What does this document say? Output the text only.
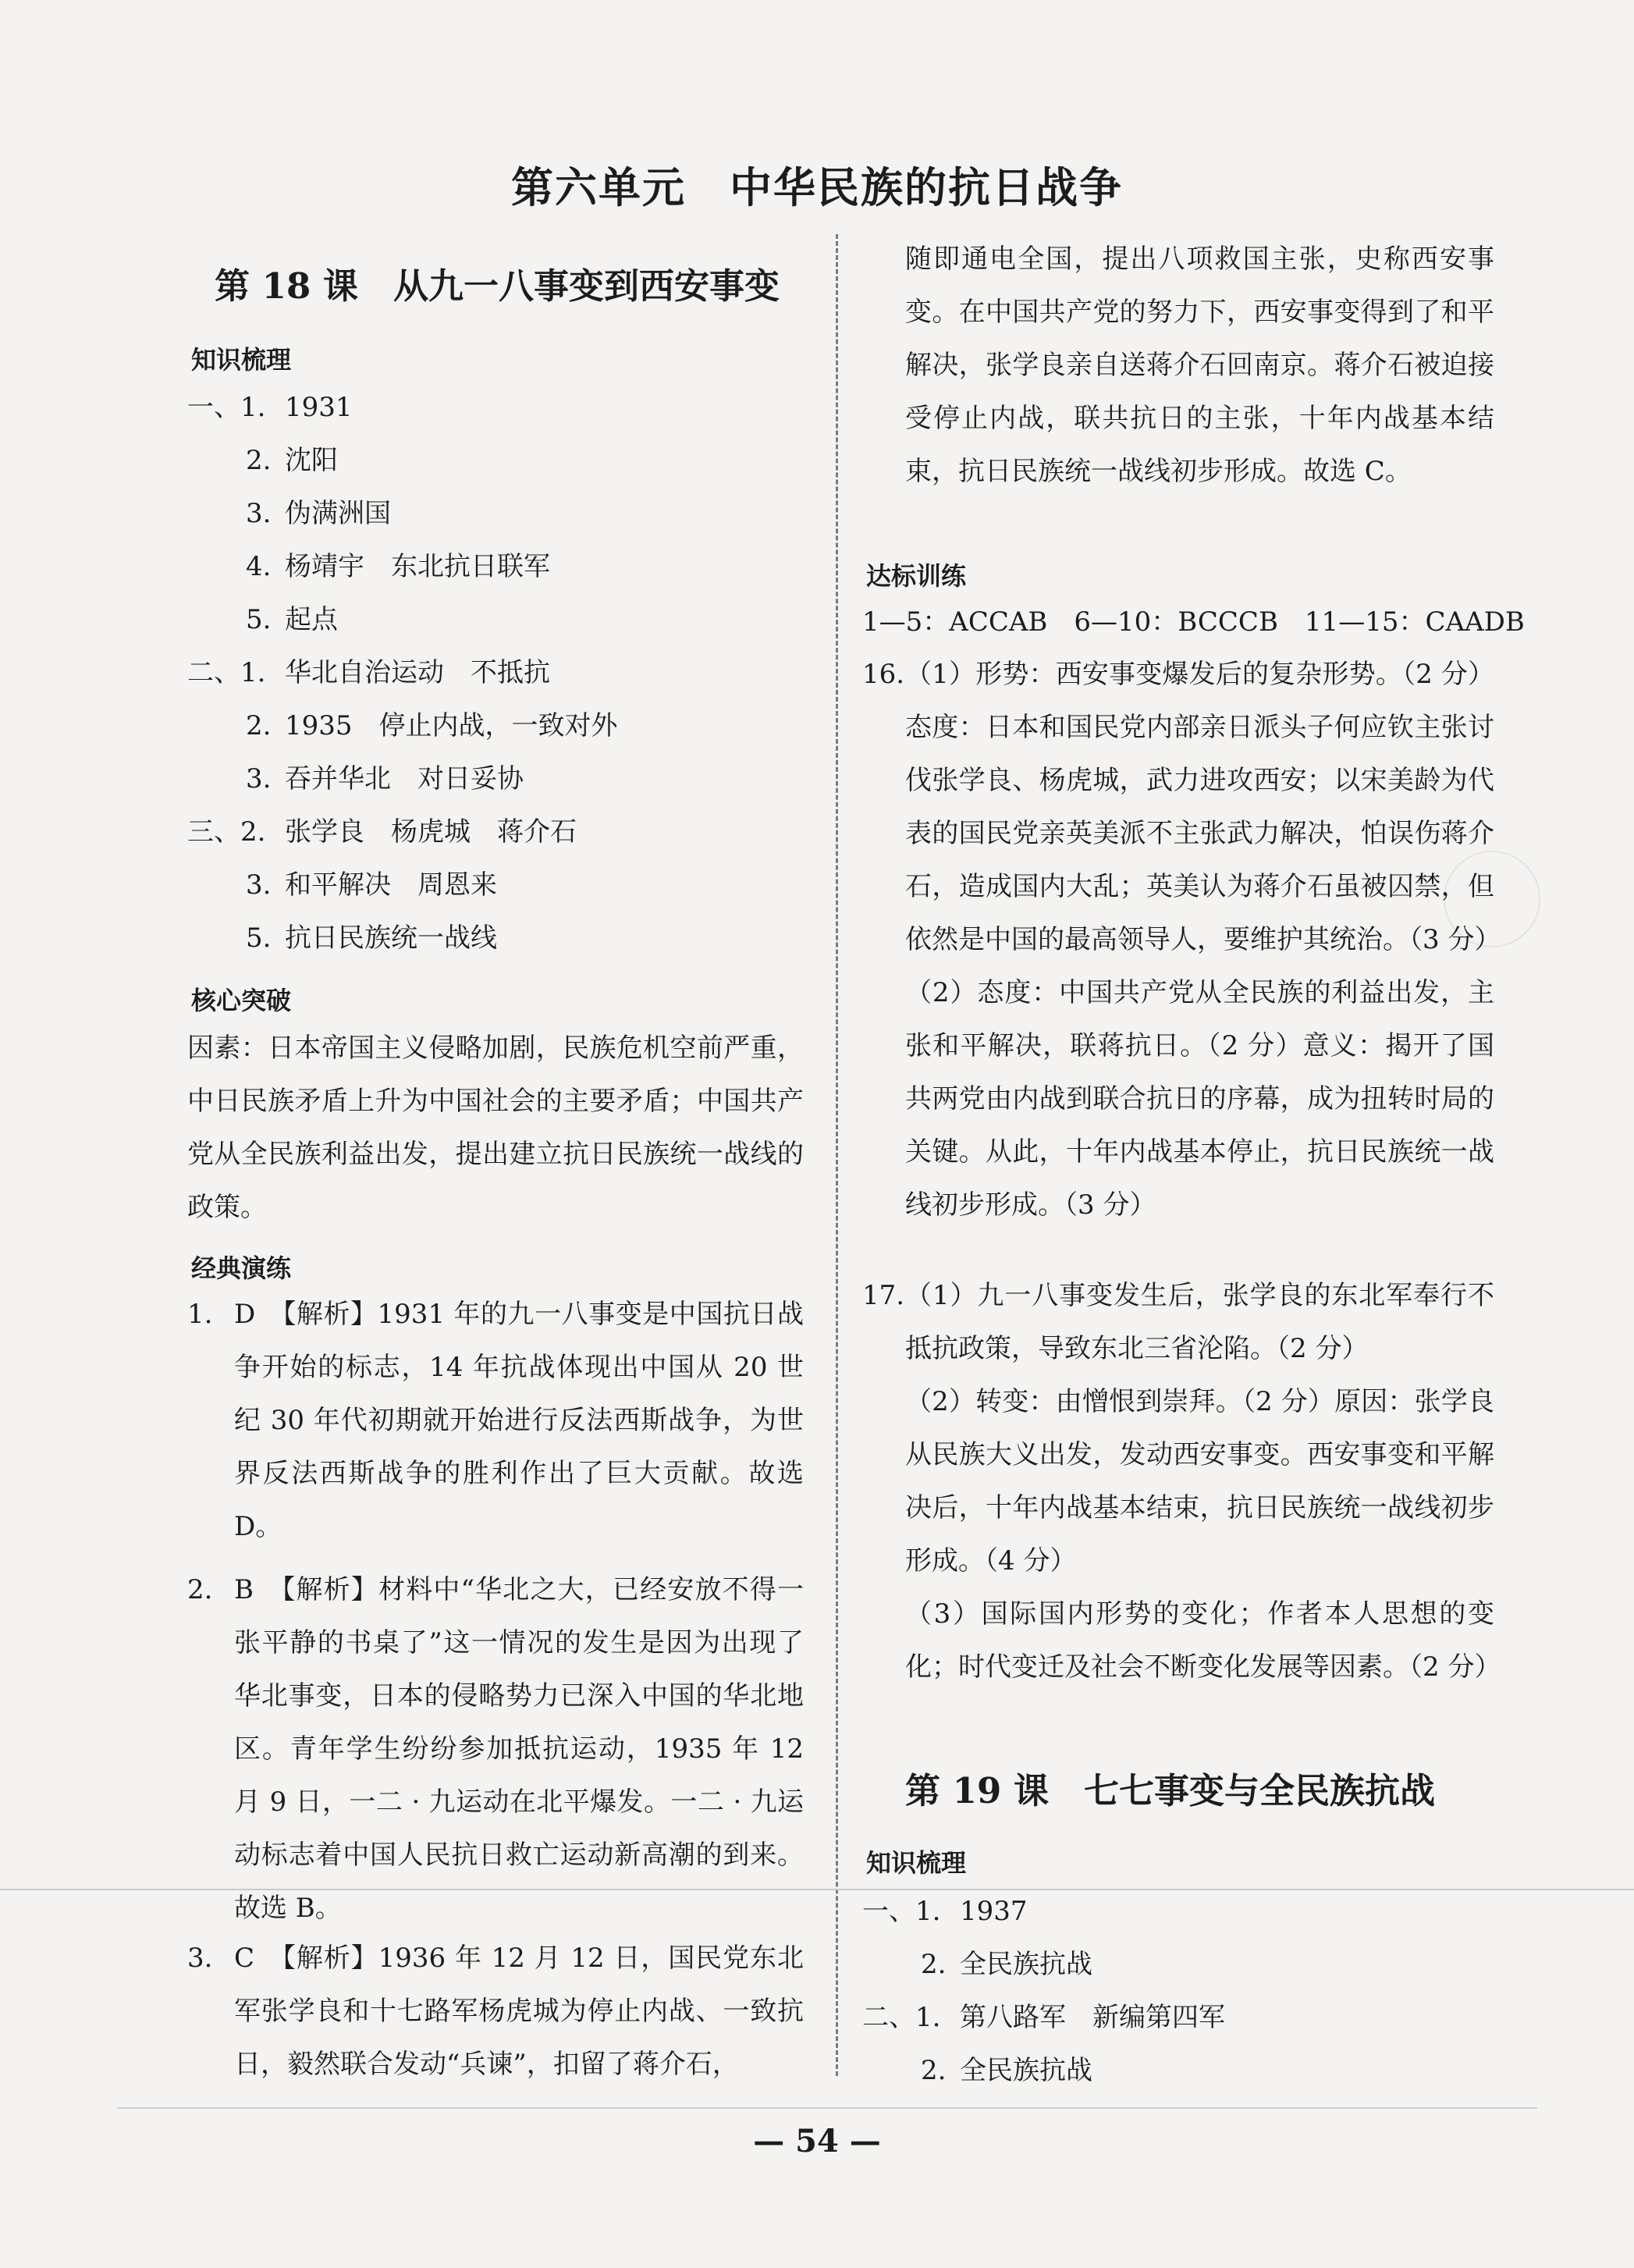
第六单元　中华民族的抗日战争
第 18 课　从九一八事变到西安事变
知识梳理
一、1. 1931
2. 沈阳
3. 伪满洲国
4. 杨靖宇　东北抗日联军
5. 起点
二、1. 华北自治运动　不抵抗
2. 1935　停止内战，一致对外
3. 吞并华北　对日妥协
三、2. 张学良　杨虎城　蒋介石
3. 和平解决　周恩来
5. 抗日民族统一战线
核心突破

因素：日本帝国主义侵略加剧，民族危机空前严重，中日民族矛盾上升为中国社会的主要矛盾；中国共产党从全民族利益出发，提出建立抗日民族统一战线的政策。

经典演练
1. D　【解析】1931 年的九一八事变是中国抗日战争开始的标志，14 年抗战体现出中国从 20 世纪 30 年代初期就开始进行反法西斯战争，为世界反法西斯战争的胜利作出了巨大贡献。故选 D。

2. B　【解析】材料中“华北之大，已经安放不得一张平静的书桌了”这一情况的发生是因为出现了华北事变，日本的侵略势力已深入中国的华北地区。青年学生纷纷参加抵抗运动，1935 年 12 月 9 日，一二 · 九运动在北平爆发。一二 · 九运动标志着中国人民抗日救亡运动新高潮的到来。故选 B。

3. C　【解析】1936 年 12 月 12 日，国民党东北军张学良和十七路军杨虎城为停止内战、一致抗日，毅然联合发动“兵谏”，扣留了蒋介石，

随即通电全国，提出八项救国主张，史称西安事变。在中国共产党的努力下，西安事变得到了和平解决，张学良亲自送蒋介石回南京。蒋介石被迫接受停止内战，联共抗日的主张，十年内战基本结束，抗日民族统一战线初步形成。故选 C。

达标训练
1—5：ACCAB　6—10：BCCCB　11—15：CAADB
16. （1）形势：西安事变爆发后的复杂形势。（2 分）态度：日本和国民党内部亲日派头子何应钦主张讨伐张学良、杨虎城，武力进攻西安；以宋美龄为代表的国民党亲英美派不主张武力解决，怕误伤蒋介石，造成国内大乱；英美认为蒋介石虽被囚禁，但依然是中国的最高领导人，要维护其统治。（3 分）

（2）态度：中国共产党从全民族的利益出发，主张和平解决，联蒋抗日。（2 分）意义：揭开了国共两党由内战到联合抗日的序幕，成为扭转时局的关键。从此，十年内战基本停止，抗日民族统一战线初步形成。（3 分）

17. （1）九一八事变发生后，张学良的东北军奉行不抵抗政策，导致东北三省沦陷。（2 分）

（2）转变：由憎恨到崇拜。（2 分）原因：张学良从民族大义出发，发动西安事变。西安事变和平解决后，十年内战基本结束，抗日民族统一战线初步形成。（4 分）

（3）国际国内形势的变化；作者本人思想的变化；时代变迁及社会不断变化发展等因素。（2 分）

第 19 课　七七事变与全民族抗战
知识梳理
一、1. 1937
2. 全民族抗战
二、1. 第八路军　新编第四军
2. 全民族抗战
— 54 —
